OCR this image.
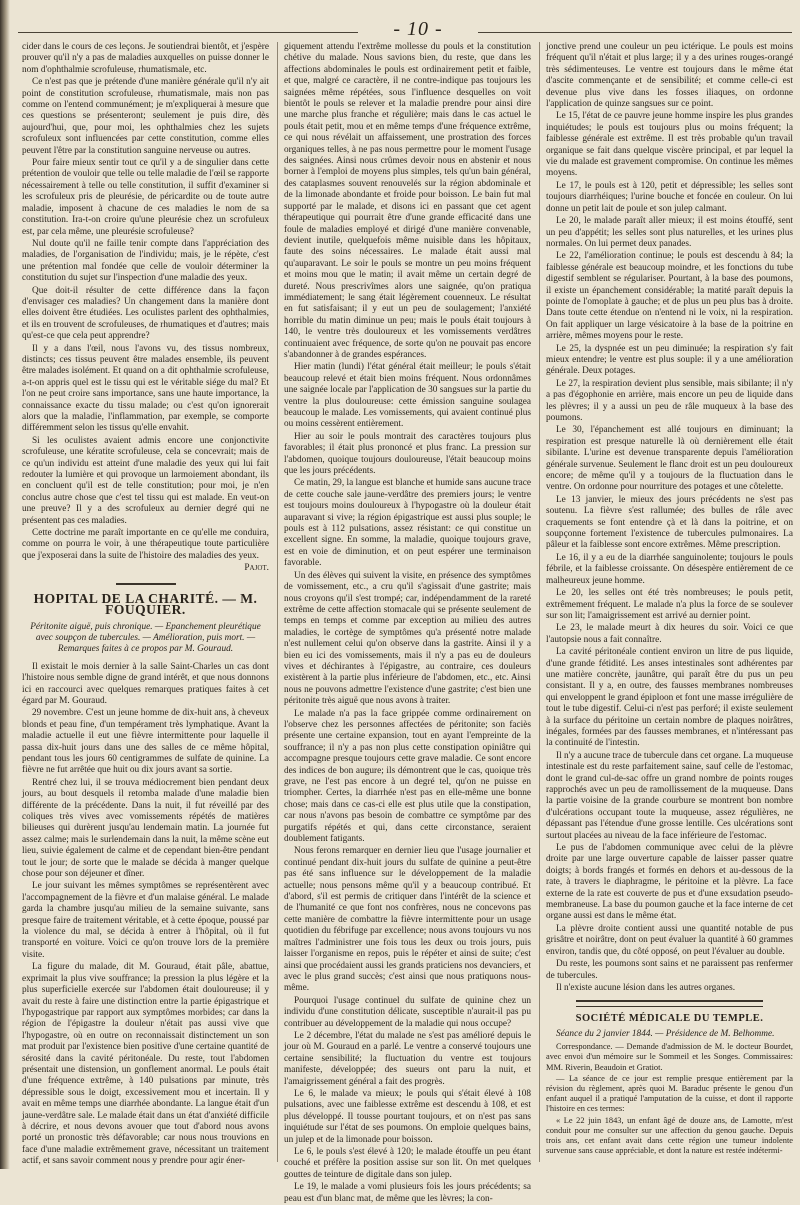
- 10 -

cider dans le cours de ces leçons. Je soutiendrai bientôt, et j'espère prouver qu'il n'y a pas de maladies auxquelles on puisse donner le nom d'ophthalmie scrofuleuse, rhumatismale, etc.

Ce n'est pas que je prétende d'une manière générale qu'il n'y ait point de constitution scrofuleuse, rhumatismale, mais non pas comme on l'entend communément; je m'expliquerai à mesure que ces questions se présenteront; seulement je puis dire, dès aujourd'hui, que, pour moi, les ophthalmies chez les sujets scrofuleux sont influencées par cette constitution, comme elles peuvent l'être par la constitution sanguine nerveuse ou autres.

Pour faire mieux sentir tout ce qu'il y a de singulier dans cette prétention de vouloir que telle ou telle maladie de l'œil se rapporte nécessairement à telle ou telle constitution, il suffit d'examiner si les scrofuleux pris de pleurésie, de péricardite ou de toute autre maladie, imposent à chacune de ces maladies le nom de sa constitution. Ira-t-on croire qu'une pleurésie chez un scrofuleux est, par cela même, une pleurésie scrofuleuse?

Nul doute qu'il ne faille tenir compte dans l'appréciation des maladies, de l'organisation de l'individu; mais, je le répète, c'est une prétention mal fondée que celle de vouloir déterminer la constitution du sujet sur l'inspection d'une maladie des yeux.

Que doit-il résulter de cette différence dans la façon d'envisager ces maladies? Un changement dans la manière dont elles doivent être étudiées. Les oculistes parlent des ophthalmies, et ils en trouvent de scrofuleuses, de rhumatiques et d'autres; mais qu'est-ce que cela peut apprendre?

Il y a dans l'œil, nous l'avons vu, des tissus nombreux, distincts; ces tissus peuvent être malades ensemble, ils peuvent être malades isolément. Et quand on a dit ophthalmie scrofuleuse, a-t-on appris quel est le tissu qui est le véritable siége du mal? Et l'on ne peut croire sans importance, sans une haute importance, la connaissance exacte du tissu malade; ou c'est qu'on ignorerait alors que la maladie, l'inflammation, par exemple, se comporte différemment selon les tissus qu'elle envahit.

Si les oculistes avaient admis encore une conjonctivite scrofuleuse, une kératite scrofuleuse, cela se concevrait; mais de ce qu'un individu est atteint d'une maladie des yeux qui lui fait redouter la lumière et qui provoque un larmoiement abondant, ils en concluent qu'il est de telle constitution; pour moi, je n'en conclus autre chose que c'est tel tissu qui est malade. En veut-on une preuve? Il y a des scrofuleux au dernier degré qui ne présentent pas ces maladies.

Cette doctrine me paraît importante en ce qu'elle me conduira, comme on pourra le voir, à une thérapeutique toute particulière que j'exposerai dans la suite de l'histoire des maladies des yeux.

Pajot.
HOPITAL DE LA CHARITÉ. — M. FOUQUIER.

Péritonite aiguë, puis chronique. — Epanchement pleurétique avec soupçon de tubercules. — Amélioration, puis mort. — Remarques faites à ce propos par M. Gouraud.

Il existait le mois dernier à la salle Saint-Charles un cas dont l'histoire nous semble digne de grand intérêt, et que nous donnons ici en raccourci avec quelques remarques pratiques faites à cet égard par M. Gouraud.

29 novembre. C'est un jeune homme de dix-huit ans, à cheveux blonds et peau fine, d'un tempérament très lymphatique. Avant la maladie actuelle il eut une fièvre intermittente pour laquelle il passa dix-huit jours dans une des salles de ce même hôpital, pendant tous les jours 60 centigrammes de sulfate de quinine. La fièvre ne fut arrêtée que huit ou dix jours avant sa sortie.

Rentré chez lui, il se trouva médiocrement bien pendant deux jours, au bout desquels il retomba malade d'une maladie bien différente de la précédente. Dans la nuit, il fut réveillé par des coliques très vives avec vomissements répétés de matières bilieuses qui durèrent jusqu'au lendemain matin. La journée fut assez calme; mais le surlendemain dans la nuit, la même scène eut lieu, suivie également de calme et de cependant bien-être pendant tout le jour; de sorte que le malade se décida à manger quelque chose pour son déjeuner et dîner.

Le jour suivant les mêmes symptômes se représentèrent avec l'accompagnement de la fièvre et d'un malaise général. Le malade garda la chambre jusqu'au milieu de la semaine suivante, sans presque faire de traitement véritable, et à cette époque, poussé par la violence du mal, se décida à entrer à l'hôpital, où il fut transporté en voiture. Voici ce qu'on trouve lors de la première visite.

La figure du malade, dit M. Gouraud, était pâle, abattue, exprimait la plus vive souffrance; la pression la plus légère et la plus superficielle exercée sur l'abdomen était douloureuse; il y avait du reste à faire une distinction entre la partie épigastrique et l'hypogastrique par rapport aux symptômes morbides; car dans la région de l'épigastre la douleur n'était pas aussi vive que l'hypogastre, où en outre on reconnaissait distinctement un son mat produit par l'existence bien positive d'une certaine quantité de sérosité dans la cavité péritonéale. Du reste, tout l'abdomen présentait une distension, un gonflement anormal. Le pouls était d'une fréquence extrême, à 140 pulsations par minute, très dépressible sous le doigt, excessivement mou et incertain. Il y avait en même temps une diarrhée abondante. La langue était d'un jaune-verdâtre sale. Le malade était dans un état d'anxiété difficile à décrire, et nous devons avouer que tout d'abord nous avons porté un pronostic très défavorable; car nous nous trouvions en face d'une maladie extrêmement grave, nécessitant un traitement actif, et sans savoir comment nous y prendre pour agir éner-

giquement attendu l'extrême mollesse du pouls et la constitution chétive du malade. Nous savions bien, du reste, que dans les affections abdominales le pouls est ordinairement petit et faible, et que, malgré ce caractère, il ne contre-indique pas toujours les saignées même répétées, sous l'influence desquelles on voit bientôt le pouls se relever et la maladie prendre pour ainsi dire une marche plus franche et régulière; mais dans le cas actuel le pouls était petit, mou et en même temps d'une fréquence extrême, ce qui nous révélait un affaissement, une prostration des forces organiques telles, à ne pas nous permettre pour le moment l'usage des saignées. Ainsi nous crûmes devoir nous en abstenir et nous borner à l'emploi de moyens plus simples, tels qu'un bain général, des cataplasmes souvent renouvelés sur la région abdominale et de la limonade abondante et froide pour boisson. Le bain fut mal supporté par le malade, et disons ici en passant que cet agent thérapeutique qui pourrait être d'une grande efficacité dans une foule de maladies employé et dirigé d'une manière convenable, devient inutile, quelquefois même nuisible dans les hôpitaux, faute des soins nécessaires. Le malade était aussi mal qu'auparavant. Le soir le pouls se montre un peu moins fréquent et moins mou que le matin; il avait même un certain degré de dureté. Nous prescrivîmes alors une saignée, qu'on pratiqua immédiatement; le sang était légèrement couenneux. Le résultat en fut satisfaisant; il y eut un peu de soulagement; l'anxiété horrible du matin diminue un peu; mais le pouls était toujours à 140, le ventre très douloureux et les vomissements verdâtres continuaient avec fréquence, de sorte qu'on ne pouvait pas encore s'abandonner à de grandes espérances.

Hier matin (lundi) l'état général était meilleur; le pouls s'était beaucoup relevé et était bien moins fréquent. Nous ordonnâmes une saignée locale par l'application de 30 sangsues sur la partie du ventre la plus douloureuse: cette émission sanguine soulagea beaucoup le malade. Les vomissements, qui avaient continué plus ou moins cessèrent entièrement.

Hier au soir le pouls montrait des caractères toujours plus favorables; il était plus prononcé et plus franc. La pression sur l'abdomen, quoique toujours douloureuse, l'était beaucoup moins que les jours précédents.

Ce matin, 29, la langue est blanche et humide sans aucune trace de cette couche sale jaune-verdâtre des premiers jours; le ventre est toujours moins douloureux à l'hypogastre où la douleur était auparavant si vive; la région épigastrique est aussi plus souple; le pouls est à 112 pulsations, assez résistant: ce qui constitue un excellent signe. En somme, la maladie, quoique toujours grave, est en voie de diminution, et on peut espérer une terminaison favorable.

Un des élèves qui suivent la visite, en présence des symptômes de vomissement, etc., a cru qu'il s'agissait d'une gastrite; mais nous croyons qu'il s'est trompé; car, indépendamment de la rareté extrême de cette affection stomacale qui se présente seulement de temps en temps et comme par exception au milieu des autres maladies, le cortège de symptômes qu'a présenté notre malade n'est nullement celui qu'on observe dans la gastrite. Ainsi il y a bien eu ici des vomissements, mais il n'y a pas eu de douleurs vives et déchirantes à l'épigastre, au contraire, ces douleurs existèrent à la partie plus inférieure de l'abdomen, etc., etc. Ainsi nous ne pouvons admettre l'existence d'une gastrite; c'est bien une péritonite très aiguë que nous avons à traiter.

Le malade n'a pas la face grippée comme ordinairement on l'observe chez les personnes affectées de péritonite; son faciès présente une certaine expansion, tout en ayant l'empreinte de la souffrance; il n'y a pas non plus cette constipation opiniâtre qui accompagne presque toujours cette grave maladie. Ce sont encore des indices de bon augure; ils démontrent que le cas, quoique très grave, ne l'est pas encore à un degré tel, qu'on ne puisse en triompher. Certes, la diarrhée n'est pas en elle-même une bonne chose; mais dans ce cas-ci elle est plus utile que la constipation, car nous n'avons pas besoin de combattre ce symptôme par des purgatifs répétés et qui, dans cette circonstance, seraient doublement fatigants.

Nous ferons remarquer en dernier lieu que l'usage journalier et continué pendant dix-huit jours du sulfate de quinine a peut-être pas été sans influence sur le développement de la maladie actuelle; nous pensons même qu'il y a beaucoup contribué. Et d'abord, s'il est permis de critiquer dans l'intérêt de la science et de l'humanité ce que font nos confrères, nous ne concevons pas cette manière de combattre la fièvre intermittente pour un usage quotidien du fébrifuge par excellence; nous avons toujours vu nos maîtres l'administrer une fois tous les deux ou trois jours, puis laisser l'organisme en repos, puis le répéter et ainsi de suite; c'est ainsi que procédaient aussi les grands praticiens nos devanciers, et avec le plus grand succès; c'est ainsi que nous pratiquons nous-même.

Pourquoi l'usage continuel du sulfate de quinine chez un individu d'une constitution délicate, susceptible n'aurait-il pas pu contribuer au développement de la maladie qui nous occupe?

Le 2 décembre, l'état du malade ne s'est pas amélioré depuis le jour où M. Gouraud en a parlé. Le ventre a conservé toujours une certaine sensibilité; la fluctuation du ventre est toujours manifeste, développée; des sueurs ont paru la nuit, et l'amaigrissement général a fait des progrès.

Le 6, le malade va mieux; le pouls qui s'était élevé à 108 pulsations, avec une faiblesse extrême est descendu à 108, et est plus développé. Il tousse pourtant toujours, et on n'est pas sans inquiétude sur l'état de ses poumons. On emploie quelques bains, un julep et de la limonade pour boisson.

Le 6, le pouls s'est élevé à 120; le malade étouffe un peu étant couché et préfère la position assise sur son lit. On met quelques gouttes de teinture de digitale dans son julep.

Le 19, le malade a vomi plusieurs fois les jours précédents; sa peau est d'un blanc mat, de même que les lèvres; la con-

jonctive prend une couleur un peu ictérique. Le pouls est moins fréquent qu'il n'était et plus large; il y a des urines rouges-orangé très sédimenteuses. Le ventre est toujours dans le même état d'ascite commençante et de sensibilité; et comme celle-ci est devenue plus vive dans les fosses iliaques, on ordonne l'application de quinze sangsues sur ce point.

Le 15, l'état de ce pauvre jeune homme inspire les plus grandes inquiétudes; le pouls est toujours plus ou moins fréquent; la faiblesse générale est extrême. Il est très probable qu'un travail organique se fait dans quelque viscère principal, et par lequel la vie du malade est gravement compromise. On continue les mêmes moyens.

Le 17, le pouls est à 120, petit et dépressible; les selles sont toujours diarrhéiques; l'urine bouche et foncée en couleur. On lui donne un petit lait de poule et son julep calmant.

Le 20, le malade paraît aller mieux; il est moins étouffé, sent un peu d'appétit; les selles sont plus naturelles, et les urines plus normales. On lui permet deux panades.

Le 22, l'amélioration continue; le pouls est descendu à 84; la faiblesse générale est beaucoup moindre, et les fonctions du tube digestif semblent se régulariser. Pourtant, à la base des poumons, il existe un épanchement considérable; la matité paraît depuis la pointe de l'omoplate à gauche; et de plus un peu plus bas à droite. Dans toute cette étendue on n'entend ni le voix, ni la respiration. On fait appliquer un large vésicatoire à la base de la poitrine en arrière, mêmes moyens pour le reste.

Le 25, la dyspnée est un peu diminuée; la respiration s'y fait mieux entendre; le ventre est plus souple: il y a une amélioration générale. Deux potages.

Le 27, la respiration devient plus sensible, mais sibilante; il n'y a pas d'égophonie en arrière, mais encore un peu de liquide dans les plèvres; il y a aussi un peu de râle muqueux à la base des poumons.

Le 30, l'épanchement est allé toujours en diminuant; la respiration est presque naturelle là où dernièrement elle était sibilante. L'urine est devenue transparente depuis l'amélioration générale survenue. Seulement le flanc droit est un peu douloureux encore; de même qu'il y a toujours de la fluctuation dans le ventre. On ordonne pour nourriture des potages et une côtelette.

Le 13 janvier, le mieux des jours précédents ne s'est pas soutenu. La fièvre s'est rallumée; des bulles de râle avec craquements se font entendre çà et là dans la poitrine, et on soupçonne fortement l'existence de tubercules pulmonaires. La pâleur et la faiblesse sont encore extrêmes. Même prescription.

Le 16, il y a eu de la diarrhée sanguinolente; toujours le pouls fébrile, et la faiblesse croissante. On désespère entièrement de ce malheureux jeune homme.

Le 20, les selles ont été très nombreuses; le pouls petit, extrêmement fréquent. Le malade n'a plus la force de se soulever sur son lit; l'amaigrissement est arrivé au dernier point.

Le 23, le malade meurt à dix heures du soir. Voici ce que l'autopsie nous a fait connaître.

La cavité péritonéale contient environ un litre de pus liquide, d'une grande fétidité. Les anses intestinales sont adhérentes par une matière concrète, jaunâtre, qui paraît être du pus un peu consistant. Il y a, en outre, des fausses membranes nombreuses qui enveloppent le grand épiploon et font une masse irrégulière de tout le tube digestif. Celui-ci n'est pas perforé; il existe seulement à la surface du péritoine un certain nombre de plaques noirâtres, inégales, formées par des fausses membranes, et n'intéressant pas la continuité de l'intestin.

Il n'y a aucune trace de tubercule dans cet organe. La muqueuse intestinale est du reste parfaitement saine, sauf celle de l'estomac, dont le grand cul-de-sac offre un grand nombre de points rouges rapprochés avec un peu de ramollissement de la muqueuse. Dans la partie voisine de la grande courbure se montrent bon nombre d'ulcérations occupant toute la muqueuse, assez régulières, ne dépassant pas l'étendue d'une grosse lentille. Ces ulcérations sont surtout placées au niveau de la face inférieure de l'estomac.

Le pus de l'abdomen communique avec celui de la plèvre droite par une large ouverture capable de laisser passer quatre doigts; à bords frangés et formés en dehors et au-dessous de la rate, à travers le diaphragme, le péritoine et la plèvre. La face externe de la rate est couverte de pus et d'une exsudation pseudo-membraneuse. La base du poumon gauche et la face interne de cet organe aussi est dans le même état.

La plèvre droite contient aussi une quantité notable de pus grisâtre et noirâtre, dont on peut évaluer la quantité à 60 grammes environ, tandis que, du côté opposé, on peut l'évaluer au double.

Du reste, les poumons sont sains et ne paraissent pas renfermer de tubercules.

Il n'existe aucune lésion dans les autres organes.

SOCIÉTÉ MÉDICALE DU TEMPLE.

Séance du 2 janvier 1844. — Présidence de M. Belhomme.

Correspondance. — Demande d'admission de M. le docteur Bourdet, avec envoi d'un mémoire sur le Sommeil et les Songes. Commissaires: MM. Riverin, Beaudoin et Gratiot.

— La séance de ce jour est remplie presque entièrement par la révision du règlement, après quoi M. Baraduc présente le genou d'un enfant auquel il a pratiqué l'amputation de la cuisse, et dont il rapporte l'histoire en ces termes:

« Le 22 juin 1843, un enfant âgé de douze ans, de Lamotte, m'est conduit pour me consulter sur une affection du genou gauche. Depuis trois ans, cet enfant avait dans cette région une tumeur indolente survenue sans cause appréciable, et dont la nature est restée indétermi-
